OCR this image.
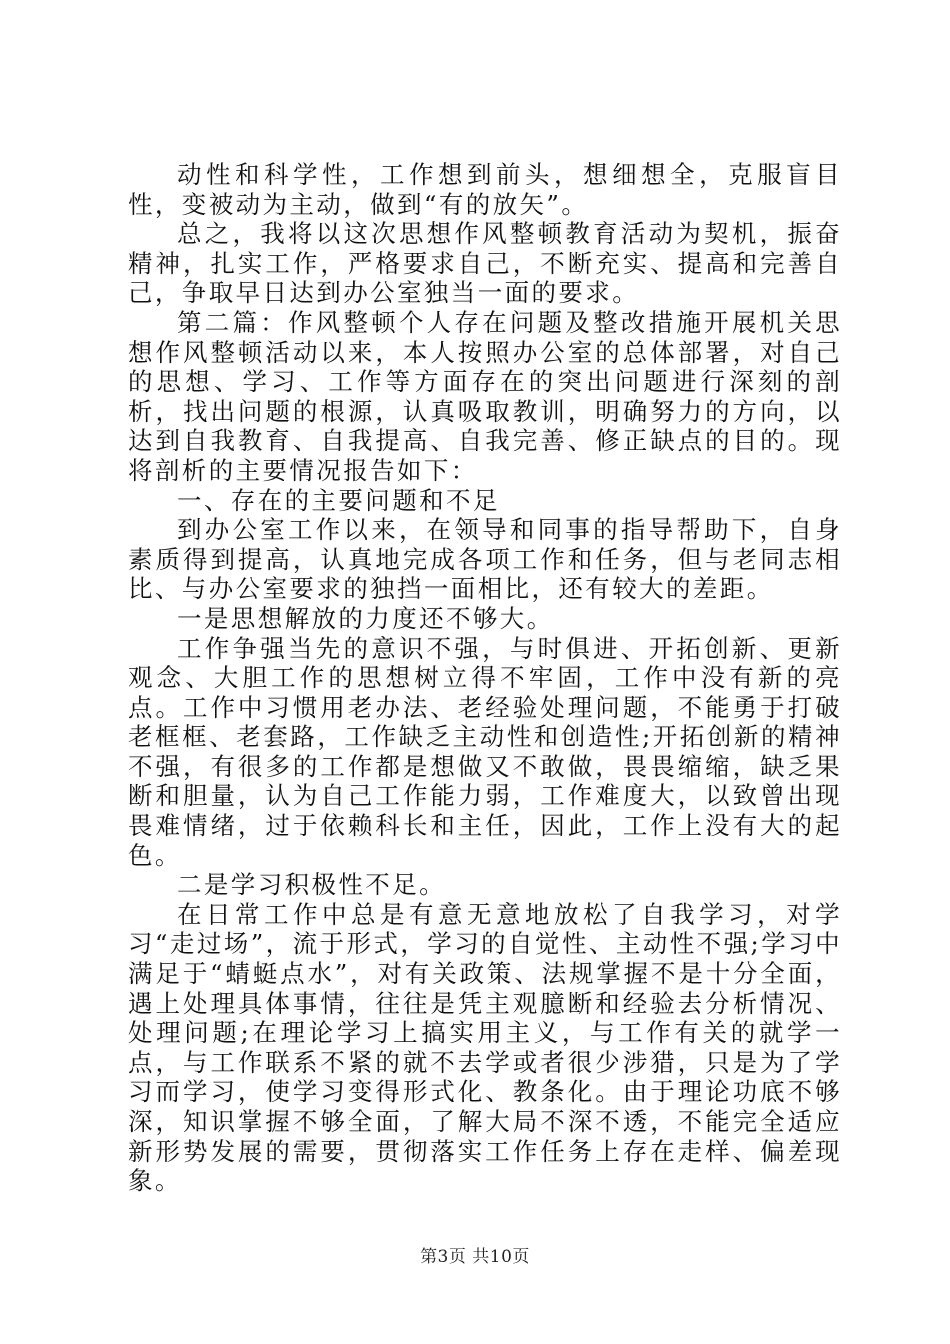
动性和科学性，工作想到前头，想细想全，克服盲目性，变被动为主动，做到“有的放矢”。

总之，我将以这次思想作风整顿教育活动为契机，振奋精神，扎实工作，严格要求自己，不断充实、提高和完善自己，争取早日达到办公室独当一面的要求。

第二篇：作风整顿个人存在问题及整改措施开展机关思想作风整顿活动以来，本人按照办公室的总体部署，对自己的思想、学习、工作等方面存在的突出问题进行深刻的剖析，找出问题的根源，认真吸取教训，明确努力的方向，以达到自我教育、自我提高、自我完善、修正缺点的目的。现将剖析的主要情况报告如下：

一、存在的主要问题和不足

到办公室工作以来，在领导和同事的指导帮助下，自身素质得到提高，认真地完成各项工作和任务，但与老同志相比、与办公室要求的独挡一面相比，还有较大的差距。

一是思想解放的力度还不够大。

工作争强当先的意识不强，与时俱进、开拓创新、更新观念、大胆工作的思想树立得不牢固，工作中没有新的亮点。工作中习惯用老办法、老经验处理问题，不能勇于打破老框框、老套路，工作缺乏主动性和创造性;开拓创新的精神不强，有很多的工作都是想做又不敢做，畏畏缩缩，缺乏果断和胆量，认为自己工作能力弱，工作难度大，以致曾出现畏难情绪，过于依赖科长和主任，因此，工作上没有大的起色。

二是学习积极性不足。

在日常工作中总是有意无意地放松了自我学习，对学习“走过场”，流于形式，学习的自觉性、主动性不强;学习中满足于“蜻蜓点水”，对有关政策、法规掌握不是十分全面，遇上处理具体事情，往往是凭主观臆断和经验去分析情况、处理问题;在理论学习上搞实用主义，与工作有关的就学一点，与工作联系不紧的就不去学或者很少涉猎，只是为了学习而学习，使学习变得形式化、教条化。由于理论功底不够深，知识掌握不够全面，了解大局不深不透，不能完全适应新形势发展的需要，贯彻落实工作任务上存在走样、偏差现象。

第3页 共10页
